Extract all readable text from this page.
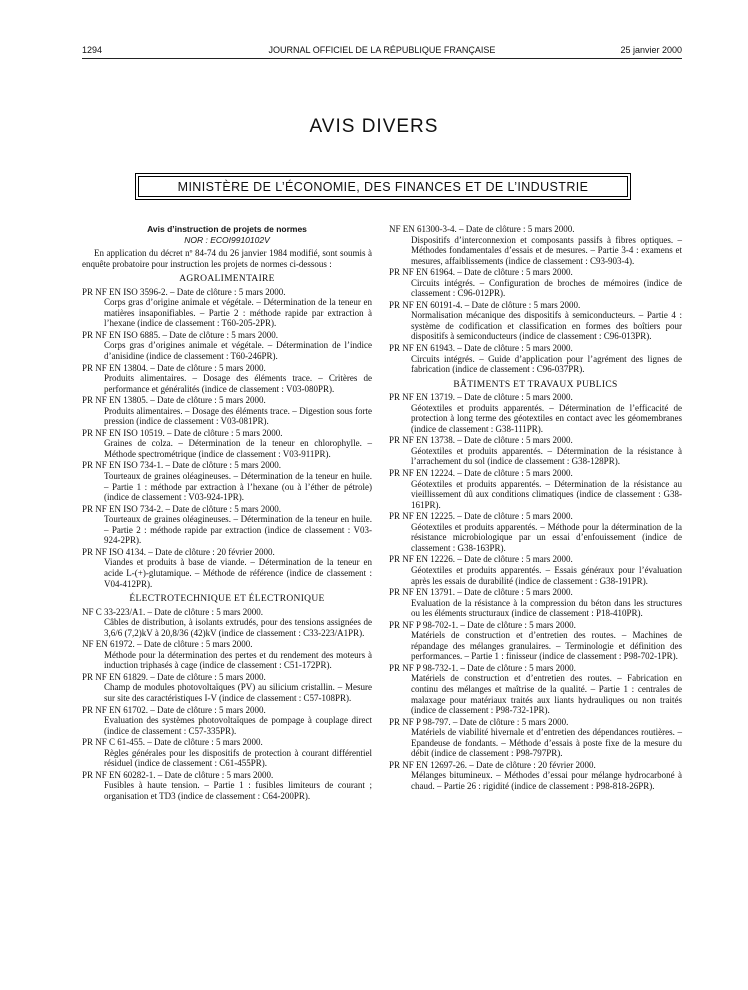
1294	JOURNAL OFFICIEL DE LA RÉPUBLIQUE FRANÇAISE	25 janvier 2000
AVIS DIVERS
MINISTÈRE DE L’ÉCONOMIE, DES FINANCES ET DE L’INDUSTRIE
Avis d’instruction de projets de normes
NOR : ECOI9910102V
En application du décret nº 84-74 du 26 janvier 1984 modifié, sont soumis à enquête probatoire pour instruction les projets de normes ci-dessous :
AGROALIMENTAIRE
PR NF EN ISO 3596-2. – Date de clôture : 5 mars 2000.
Corps gras d’origine animale et végétale. – Détermination de la teneur en matières insaponifiables. – Partie 2 : méthode rapide par extraction à l’hexane (indice de classement : T60-205-2PR).
PR NF EN ISO 6885. – Date de clôture : 5 mars 2000.
Corps gras d’origines animale et végétale. – Détermination de l’indice d’anisidine (indice de classement : T60-246PR).
PR NF EN 13804. – Date de clôture : 5 mars 2000.
Produits alimentaires. – Dosage des éléments trace. – Critères de performance et généralités (indice de classement : V03-080PR).
PR NF EN 13805. – Date de clôture : 5 mars 2000.
Produits alimentaires. – Dosage des éléments trace. – Digestion sous forte pression (indice de classement : V03-081PR).
PR NF EN ISO 10519. – Date de clôture : 5 mars 2000.
Graines de colza. – Détermination de la teneur en chlorophylle. – Méthode spectrométrique (indice de classement : V03-911PR).
PR NF EN ISO 734-1. – Date de clôture : 5 mars 2000.
Tourteaux de graines oléagineuses. – Détermination de la teneur en huile. – Partie 1 : méthode par extraction à l’hexane (ou à l’éther de pétrole) (indice de classement : V03-924-1PR).
PR NF EN ISO 734-2. – Date de clôture : 5 mars 2000.
Tourteaux de graines oléagineuses. – Détermination de la teneur en huile. – Partie 2 : méthode rapide par extraction (indice de classement : V03-924-2PR).
PR NF ISO 4134. – Date de clôture : 20 février 2000.
Viandes et produits à base de viande. – Détermination de la teneur en acide L-(+)-glutamique. – Méthode de référence (indice de classement : V04-412PR).
ÉLECTROTECHNIQUE ET ÉLECTRONIQUE
NF C 33-223/A1. – Date de clôture : 5 mars 2000.
Câbles de distribution, à isolants extrudés, pour des tensions assignées de 3,6/6 (7,2)kV à 20,8/36 (42)kV (indice de classement : C33-223/A1PR).
NF EN 61972. – Date de clôture : 5 mars 2000.
Méthode pour la détermination des pertes et du rendement des moteurs à induction triphasés à cage (indice de classement : C51-172PR).
PR NF EN 61829. – Date de clôture : 5 mars 2000.
Champ de modules photovoltaïques (PV) au silicium cristallin. – Mesure sur site des caractéristiques I-V (indice de classement : C57-108PR).
PR NF EN 61702. – Date de clôture : 5 mars 2000.
Evaluation des systèmes photovoltaïques de pompage à couplage direct (indice de classement : C57-335PR).
PR NF C 61-455. – Date de clôture : 5 mars 2000.
Règles générales pour les dispositifs de protection à courant différentiel résiduel (indice de classement : C61-455PR).
PR NF EN 60282-1. – Date de clôture : 5 mars 2000.
Fusibles à haute tension. – Partie 1 : fusibles limiteurs de courant ; organisation et TD3 (indice de classement : C64-200PR).
NF EN 61300-3-4. – Date de clôture : 5 mars 2000.
Dispositifs d’interconnexion et composants passifs à fibres optiques. – Méthodes fondamentales d’essais et de mesures. – Partie 3-4 : examens et mesures, affaiblissements (indice de classement : C93-903-4).
PR NF EN 61964. – Date de clôture : 5 mars 2000.
Circuits intégrés. – Configuration de broches de mémoires (indice de classement : C96-012PR).
PR NF EN 60191-4. – Date de clôture : 5 mars 2000.
Normalisation mécanique des dispositifs à semiconducteurs. – Partie 4 : système de codification et classification en formes des boîtiers pour dispositifs à semiconducteurs (indice de classement : C96-013PR).
PR NF EN 61943. – Date de clôture : 5 mars 2000.
Circuits intégrés. – Guide d’application pour l’agrément des lignes de fabrication (indice de classement : C96-037PR).
BÂTIMENTS ET TRAVAUX PUBLICS
PR NF EN 13719. – Date de clôture : 5 mars 2000.
Géotextiles et produits apparentés. – Détermination de l’efficacité de protection à long terme des géotextiles en contact avec les géomembranes (indice de classement : G38-111PR).
PR NF EN 13738. – Date de clôture : 5 mars 2000.
Géotextiles et produits apparentés. – Détermination de la résistance à l’arrachement du sol (indice de classement : G38-128PR).
PR NF EN 12224. – Date de clôture : 5 mars 2000.
Géotextiles et produits apparentés. – Détermination de la résistance au vieillissement dû aux conditions climatiques (indice de classement : G38-161PR).
PR NF EN 12225. – Date de clôture : 5 mars 2000.
Géotextiles et produits apparentés. – Méthode pour la détermination de la résistance microbiologique par un essai d’enfouissement (indice de classement : G38-163PR).
PR NF EN 12226. – Date de clôture : 5 mars 2000.
Géotextiles et produits apparentés. – Essais généraux pour l’évaluation après les essais de durabilité (indice de classement : G38-191PR).
PR NF EN 13791. – Date de clôture : 5 mars 2000.
Evaluation de la résistance à la compression du béton dans les structures ou les éléments structuraux (indice de classement : P18-410PR).
PR NF P 98-702-1. – Date de clôture : 5 mars 2000.
Matériels de construction et d’entretien des routes. – Machines de répandage des mélanges granulaires. – Terminologie et définition des performances. – Partie 1 : finisseur (indice de classement : P98-702-1PR).
PR NF P 98-732-1. – Date de clôture : 5 mars 2000.
Matériels de construction et d’entretien des routes. – Fabrication en continu des mélanges et maîtrise de la qualité. – Partie 1 : centrales de malaxage pour matériaux traités aux liants hydrauliques ou non traités (indice de classement : P98-732-1PR).
PR NF P 98-797. – Date de clôture : 5 mars 2000.
Matériels de viabilité hivernale et d’entretien des dépendances routières. – Epandeuse de fondants. – Méthode d’essais à poste fixe de la mesure du débit (indice de classement : P98-797PR).
PR NF EN 12697-26. – Date de clôture : 20 février 2000.
Mélanges bitumineux. – Méthodes d’essai pour mélange hydrocarboné à chaud. – Partie 26 : rigidité (indice de classement : P98-818-26PR).
